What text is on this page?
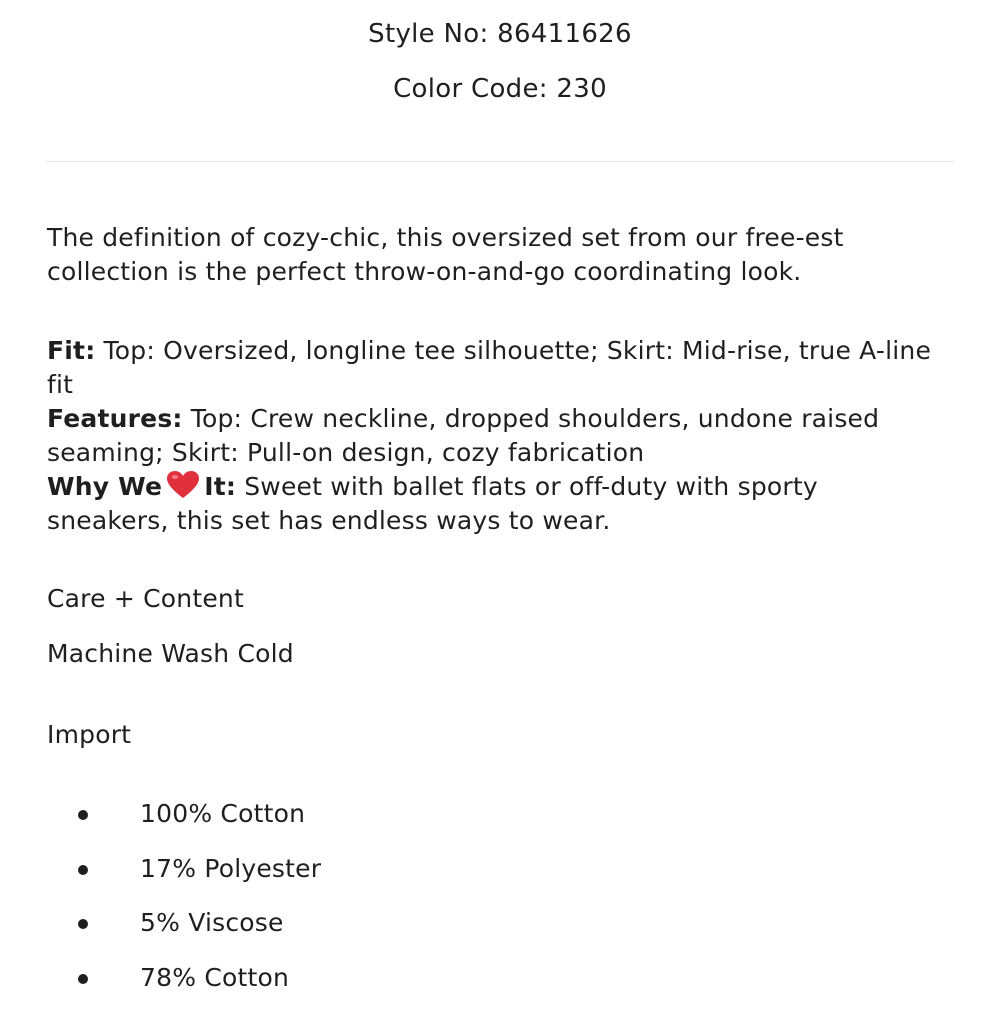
Style No: 86411626
Color Code: 230
The definition of cozy-chic, this oversized set from our free-est collection is the perfect throw-on-and-go coordinating look.
Fit: Top: Oversized, longline tee silhouette; Skirt: Mid-rise, true A-line fit
Features: Top: Crew neckline, dropped shoulders, undone raised seaming; Skirt: Pull-on design, cozy fabrication
Why We It: Sweet with ballet flats or off-duty with sporty sneakers, this set has endless ways to wear.
Care + Content
Machine Wash Cold
Import
100% Cotton
17% Polyester
5% Viscose
78% Cotton
